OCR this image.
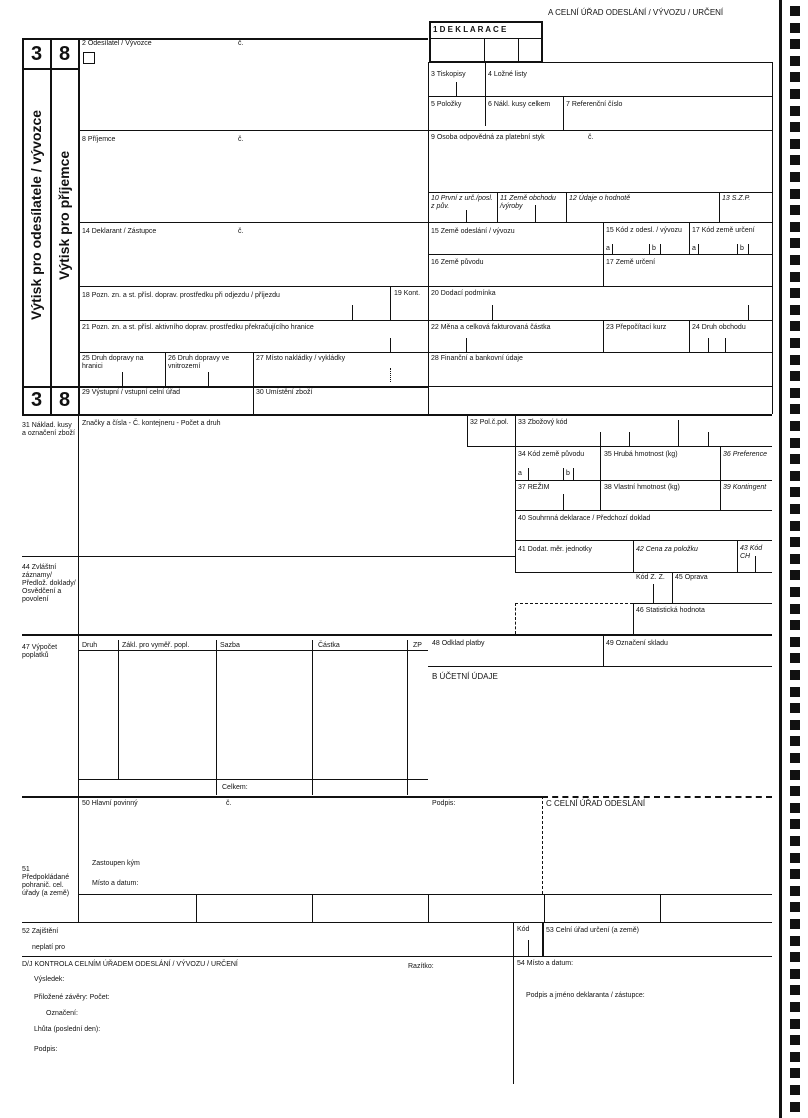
A CELNÍ ÚŘAD ODESLÁNÍ / VÝVOZU / URČENÍ
1 D E K L A R A C E
3 8
3 8
Výtisk pro odesílatele / vývozce Výtisk pro příjemce
2 Odesílatel / Vývozce	č.
3 Tiskopisy	4 Ložné listy
5 Položky	6 Nákl. kusy celkem 7 Referenční číslo
8 Příjemce	č.	9 Osoba odpovědná za platební styk	č.
10 První z urč./posl. z pův.
11 Země obchodu /výroby
12 Údaje o hodnotě	13 S.Z.P.
14 Deklarant / Zástupce	č.	15 Země odeslání / vývozu	15 Kód z odesl. / vývozu 17 Kód země určení
a	b	a	b
16 Země původu	17 Země určení
18 Pozn. zn. a st. přísl. doprav. prostředku při odjezdu / příjezdu	19 Kont. 20 Dodací podmínka
21 Pozn. zn. a st. přísl. aktivního doprav. prostředku překračujícího hranice	22 Měna a celková fakturovaná částka	23 Přepočítací kurz	24 Druh obchodu
25 Druh dopravy na hranici
26 Druh dopravy ve vnitrozemí
27 Místo nakládky / vykládky	28 Finanční a bankovní údaje
29 Výstupní / vstupní celní úřad	30 Umístění zboží
31 Náklad. kusy a označení zboží
Značky a čísla - Č. kontejneru - Počet a druh	32 Pol.č.pol. 33 Zbožový kód
34 Kód země původu	35 Hrubá hmotnost (kg)	36 Preference
a	b
37 REŽIM	38 Vlastní hmotnost (kg)	39 Kontingent
40 Souhrnná deklarace / Předchozí doklad
41 Dodat. měr. jednotky	42 Cena za položku	43 Kód CH
44 Zvláštní záznamy/ Předlož. doklady/ Osvědčení a povolení
Kód Z. Z. 45 Oprava
46 Statistická hodnota
47 Výpočet poplatků
Druh	Zákl. pro vyměř. popl.	Sazba	Částka	ZP
Celkem:
48 Odklad platby	49 Označení skladu
B ÚČETNÍ ÚDAJE
50 Hlavní povinný	č.	Podpis:	C CELNÍ ÚŘAD ODESLÁNÍ
Zastoupen kým
Místo a datum:
51 Předpokládané pohranič. cel. úřady (a země)
52 Zajištění
neplatí pro
Kód 53 Celní úřad určení (a země)
D/J KONTROLA CELNÍM ÚŘADEM ODESLÁNÍ / VÝVOZU / URČENÍ	Razítko:
Výsledek:
Přiložené závěry: Počet:
Označení:
Lhůta (poslední den):
Podpis:
54 Místo a datum:
Podpis a jméno deklaranta / zástupce:
